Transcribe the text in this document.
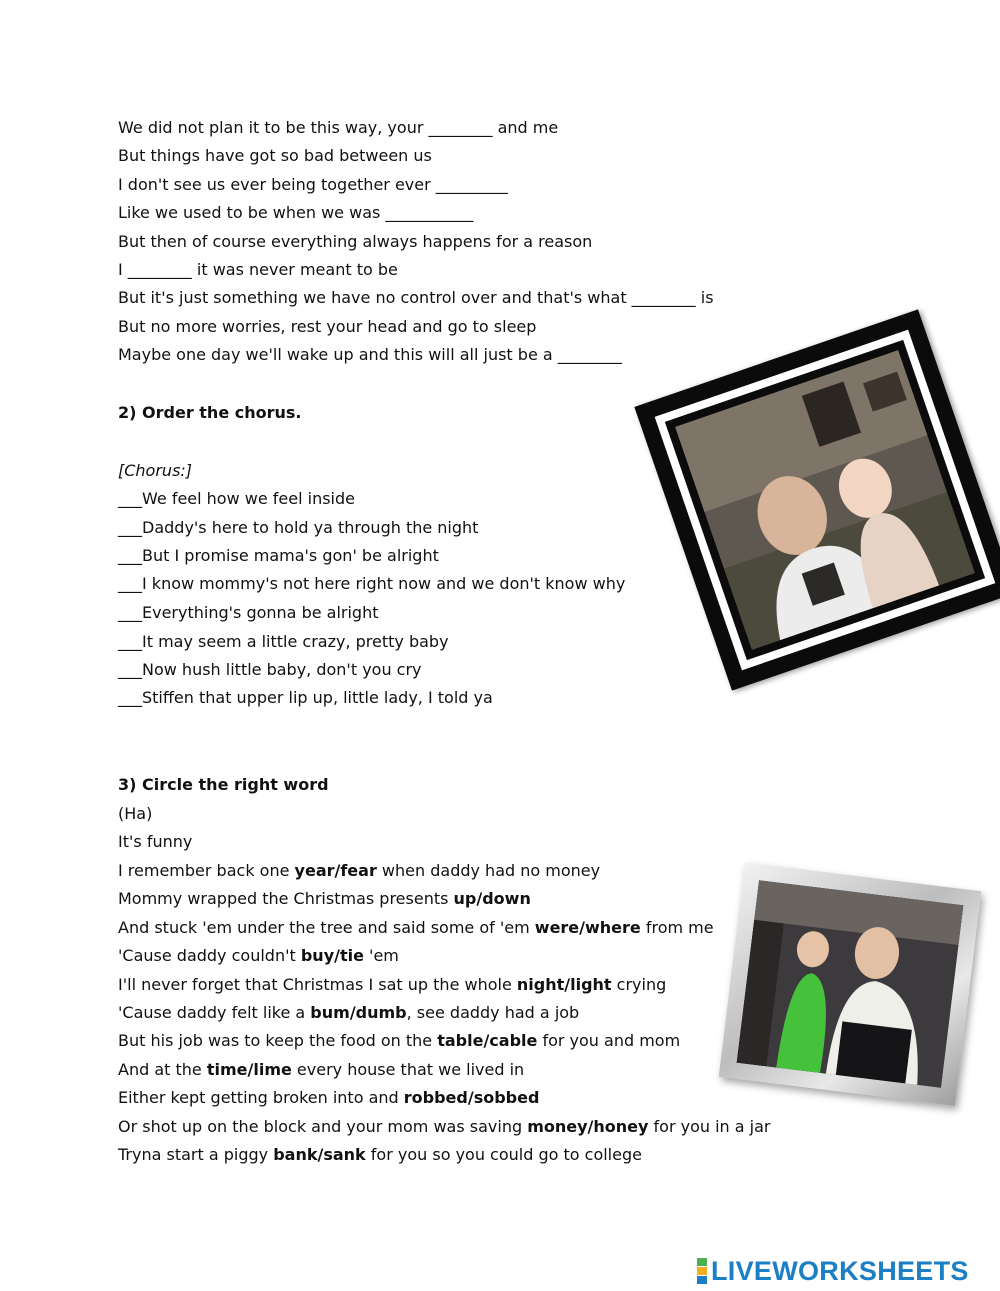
We did not plan it to be this way, your ________ and me
But things have got so bad between us
I don't see us ever being together ever _________
Like we used to be when we was ___________
But then of course everything always happens for a reason
I ________ it was never meant to be
But it's just something we have no control over and that's what ________ is
But no more worries, rest your head and go to sleep
Maybe one day we'll wake up and this will all just be a ________
2) Order the chorus.
[Chorus:]
___We feel how we feel inside
___Daddy's here to hold ya through the night
___But I promise mama's gon' be alright
___I know mommy's not here right now and we don't know why
___Everything's gonna be alright
___It may seem a little crazy, pretty baby
___Now hush little baby, don't you cry
___Stiffen that upper lip up, little lady, I told ya
3) Circle the right word
(Ha)
It's funny
I remember back one year/fear when daddy had no money
Mommy wrapped the Christmas presents up/down
And stuck 'em under the tree and said some of 'em were/where from me
'Cause daddy couldn't buy/tie 'em
I'll never forget that Christmas I sat up the whole night/light crying
'Cause daddy felt like a bum/dumb, see daddy had a job
But his job was to keep the food on the table/cable for you and mom
And at the time/lime every house that we lived in
Either kept getting broken into and robbed/sobbed
Or shot up on the block and your mom was saving money/honey for you in a jar
Tryna start a piggy bank/sank for you so you could go to college
LIVEWORKSHEETS
